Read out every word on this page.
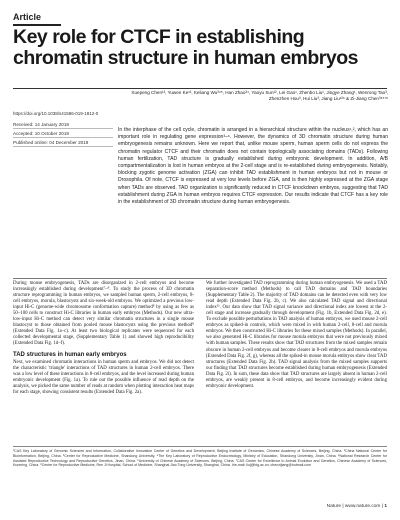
Article
Key role for CTCF in establishing chromatin structure in human embryos
Xuepeng Chen¹², Yuwen Ke¹², Keliang Wu³⁴⁵, Han Zhao³⁴, Yaoyu Sun¹², Lei Gao¹, Zhenbo Liu¹, Jingye Zhang¹, Wenrong Tao³, Zhenzhen Hou³, Hui Liu³, Jiang Liu¹²⁶ & Zi-Jiang Chen³⁴⁵⁷⁸
https://doi.org/10.1038/s41586-019-1812-0
Received: 14 January 2019
Accepted: 10 October 2019
Published online: 04 December 2019
In the interphase of the cell cycle, chromatin is arranged in a hierarchical structure within the nucleus¹,², which has an important role in regulating gene expression³–⁶. However, the dynamics of 3D chromatin structure during human embryogenesis remains unknown. Here we report that, unlike mouse sperm, human sperm cells do not express the chromatin regulator CTCF and their chromatin does not contain topologically associating domains (TADs). Following human fertilization, TAD structure is gradually established during embryonic development. In addition, A/B compartmentalization is lost in human embryos at the 2-cell stage and is re-established during embryogenesis. Notably, blocking zygotic genome activation (ZGA) can inhibit TAD establishment in human embryos but not in mouse or Drosophila. Of note, CTCF is expressed at very low levels before ZGA, and is then highly expressed at the ZGA stage when TADs are observed. TAD organization is significantly reduced in CTCF knockdown embryos, suggesting that TAD establishment during ZGA in human embryos requires CTCF expression. Our results indicate that CTCF has a key role in the establishment of 3D chromatin structure during human embryogenesis.

During mouse embryogenesis, TADs are disorganized in 2-cell embryos and become increasingly established during development⁷–⁹. To study the process of 3D chromatin structure reprogramming in human embryos, we sampled human sperm, 2-cell embryos, 8-cell embryos, morula, blastocysts and six-week-old embryos. We optimized a previous low-input Hi-C (genome-wide chromosome conformation capture) method⁸ by using as few as 50–100 cells to construct Hi-C libraries in human early embryos (Methods). Our new ultra-low-input Hi-C method can detect very similar chromatin structures in a single mouse blastocyst to those obtained from pooled mouse blastocysts using the previous method⁸ (Extended Data Fig. 1a–c). At least two biological replicates were sequenced for each collected developmental stage, (Supplementary Table 1) and showed high reproducibility (Extended Data Fig. 1d–f).

TAD structures in human early embryos

Next, we examined chromatin interactions in human sperm and embryos. We did not detect the characteristic 'triangle' interactions of TAD structures in human 2-cell embryos. There was a low level of these interactions in 8-cell embryos, and the level increased during human embryonic development (Fig. 1a). To rule out the possible influence of read depth on the analysis, we picked the same number of reads at random when plotting interaction heat maps for each stage, showing consistent results (Extended Data Fig. 2a).

We further investigated TAD reprogramming during human embryogenesis. We used a TAD separation-score method (Methods) to call TAD domains and TAD boundaries (Supplementary Table 2). The majority of TAD domains can be detected even with very low read depth (Extended Data Fig. 2b, c). We also calculated TAD signal and directional index¹¹. Our data show that TAD signal variance and directional index are lowest at the 2-cell stage and increase gradually through development (Fig. 1b, Extended Data Fig. 2d, e). To exclude possible perturbations in TAD analysis of human embryos, we used mouse 2-cell embryos as spiked-in controls, which were mixed in with human 2-cell, 8-cell and morula embryos. We then constructed Hi-C libraries for these mixed samples (Methods). In parallel, we also generated Hi-C libraries for mouse morula embryos that were not previously mixed with human samples. These results show that TAD structures from the mixed samples remain obscure in human 2-cell embryos and become clearer in 8-cell embryos and morula embryos (Extended Data Fig. 2f, g), whereas all the spiked-in mouse morula embryos show clear TAD structures (Extended Data Fig. 2h). TAD signal analysis from the mixed samples supports our finding that TAD structures become established during human embryogenesis (Extended Data Fig. 2i). In sum, these data show that TAD structures are largely absent in human 2-cell embryos, are weakly present in 8-cell embryos, and become increasingly evident during embryonic development.

¹CAS Key Laboratory of Genomic Sciences and Information, Collaborative Innovation Center of Genetics and Development, Beijing Institute of Genomics, Chinese Academy of Sciences, Beijing, China. ²China National Center for Bioinformation, Beijing, China. ³Center for Reproductive Medicine, Shandong University, ⁴The Key Laboratory of Reproductive Endocrinology, Ministry of Education, Shandong University, Jinan, China. ⁵National Research Center for Assisted Reproductive Technology and Reproductive Genetics, Jinan, China. ⁶University of Chinese Academy of Sciences, Beijing, China. ⁷CAS Center for Excellence in Animal Evolution and Genetics, Chinese Academy of Sciences, Kunming, China. ⁸Center for Reproductive Medicine, Ren Ji Hospital, School of Medicine, Shanghai Jiao Tong University, Shanghai, China. ✉e-mail: liuj@big.ac.cn; chenzijiang@hotmail.com
Nature | www.nature.com | 1
